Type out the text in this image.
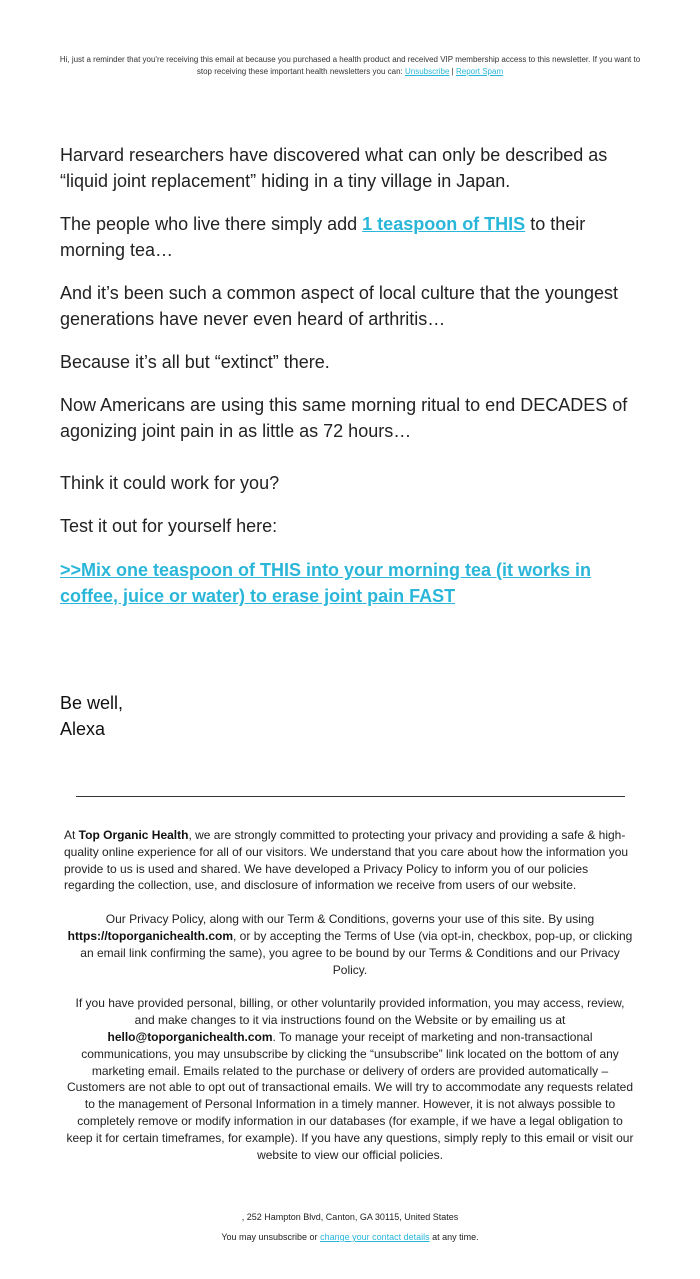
Hi, just a reminder that you're receiving this email at because you purchased a health product and received VIP membership access to this newsletter. If you want to stop receiving these important health newsletters you can: Unsubscribe | Report Spam

Harvard researchers have discovered what can only be described as “liquid joint replacement” hiding in a tiny village in Japan.

The people who live there simply add 1 teaspoon of THIS to their morning tea…

And it’s been such a common aspect of local culture that the youngest generations have never even heard of arthritis…

Because it’s all but “extinct” there.

Now Americans are using this same morning ritual to end DECADES of agonizing joint pain in as little as 72 hours…

Think it could work for you?

Test it out for yourself here:

>>Mix one teaspoon of THIS into your morning tea (it works in coffee, juice or water) to erase joint pain FAST

Be well,
Alexa

At Top Organic Health, we are strongly committed to protecting your privacy and providing a safe & high-quality online experience for all of our visitors. We understand that you care about how the information you provide to us is used and shared. We have developed a Privacy Policy to inform you of our policies regarding the collection, use, and disclosure of information we receive from users of our website.

Our Privacy Policy, along with our Term & Conditions, governs your use of this site. By using https://toporganichealth.com, or by accepting the Terms of Use (via opt-in, checkbox, pop-up, or clicking an email link confirming the same), you agree to be bound by our Terms & Conditions and our Privacy Policy.

If you have provided personal, billing, or other voluntarily provided information, you may access, review, and make changes to it via instructions found on the Website or by emailing us at hello@toporganichealth.com. To manage your receipt of marketing and non-transactional communications, you may unsubscribe by clicking the “unsubscribe” link located on the bottom of any marketing email. Emails related to the purchase or delivery of orders are provided automatically – Customers are not able to opt out of transactional emails. We will try to accommodate any requests related to the management of Personal Information in a timely manner. However, it is not always possible to completely remove or modify information in our databases (for example, if we have a legal obligation to keep it for certain timeframes, for example). If you have any questions, simply reply to this email or visit our website to view our official policies.

, 252 Hampton Blvd, Canton, GA 30115, United States
You may unsubscribe or change your contact details at any time.
